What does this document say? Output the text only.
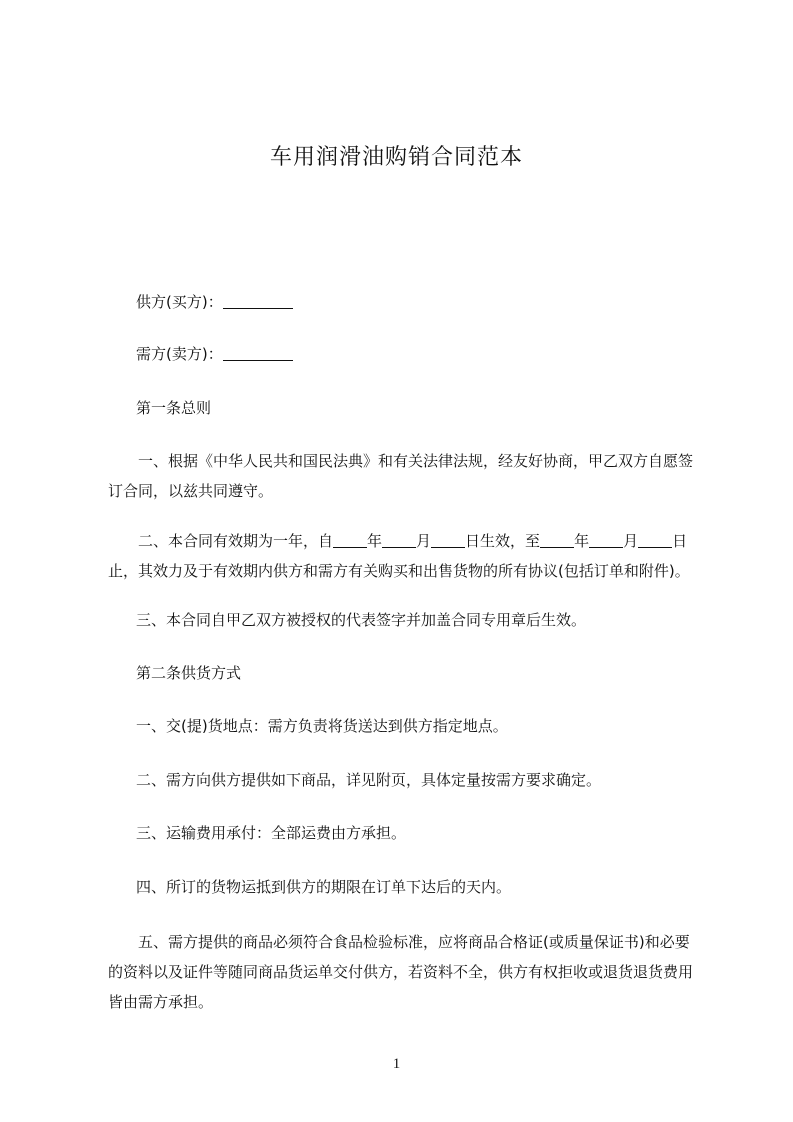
车用润滑油购销合同范本
供方(买方)：
需方(卖方)：
第一条总则
一、根据《中华人民共和国民法典》和有关法律法规，经友好协商，甲乙双方自愿签订合同，以兹共同遵守。
二、本合同有效期为一年，自 年 月 日生效，至 年 月 日止，其效力及于有效期内供方和需方有关购买和出售货物的所有协议(包括订单和附件)。
三、本合同自甲乙双方被授权的代表签字并加盖合同专用章后生效。
第二条供货方式
一、交(提)货地点：需方负责将货送达到供方指定地点。
二、需方向供方提供如下商品，详见附页，具体定量按需方要求确定。
三、运输费用承付：全部运费由方承担。
四、所订的货物运抵到供方的期限在订单下达后的天内。
五、需方提供的商品必须符合食品检验标准，应将商品合格证(或质量保证书)和必要的资料以及证件等随同商品货运单交付供方，若资料不全，供方有权拒收或退货退货费用皆由需方承担。
1
